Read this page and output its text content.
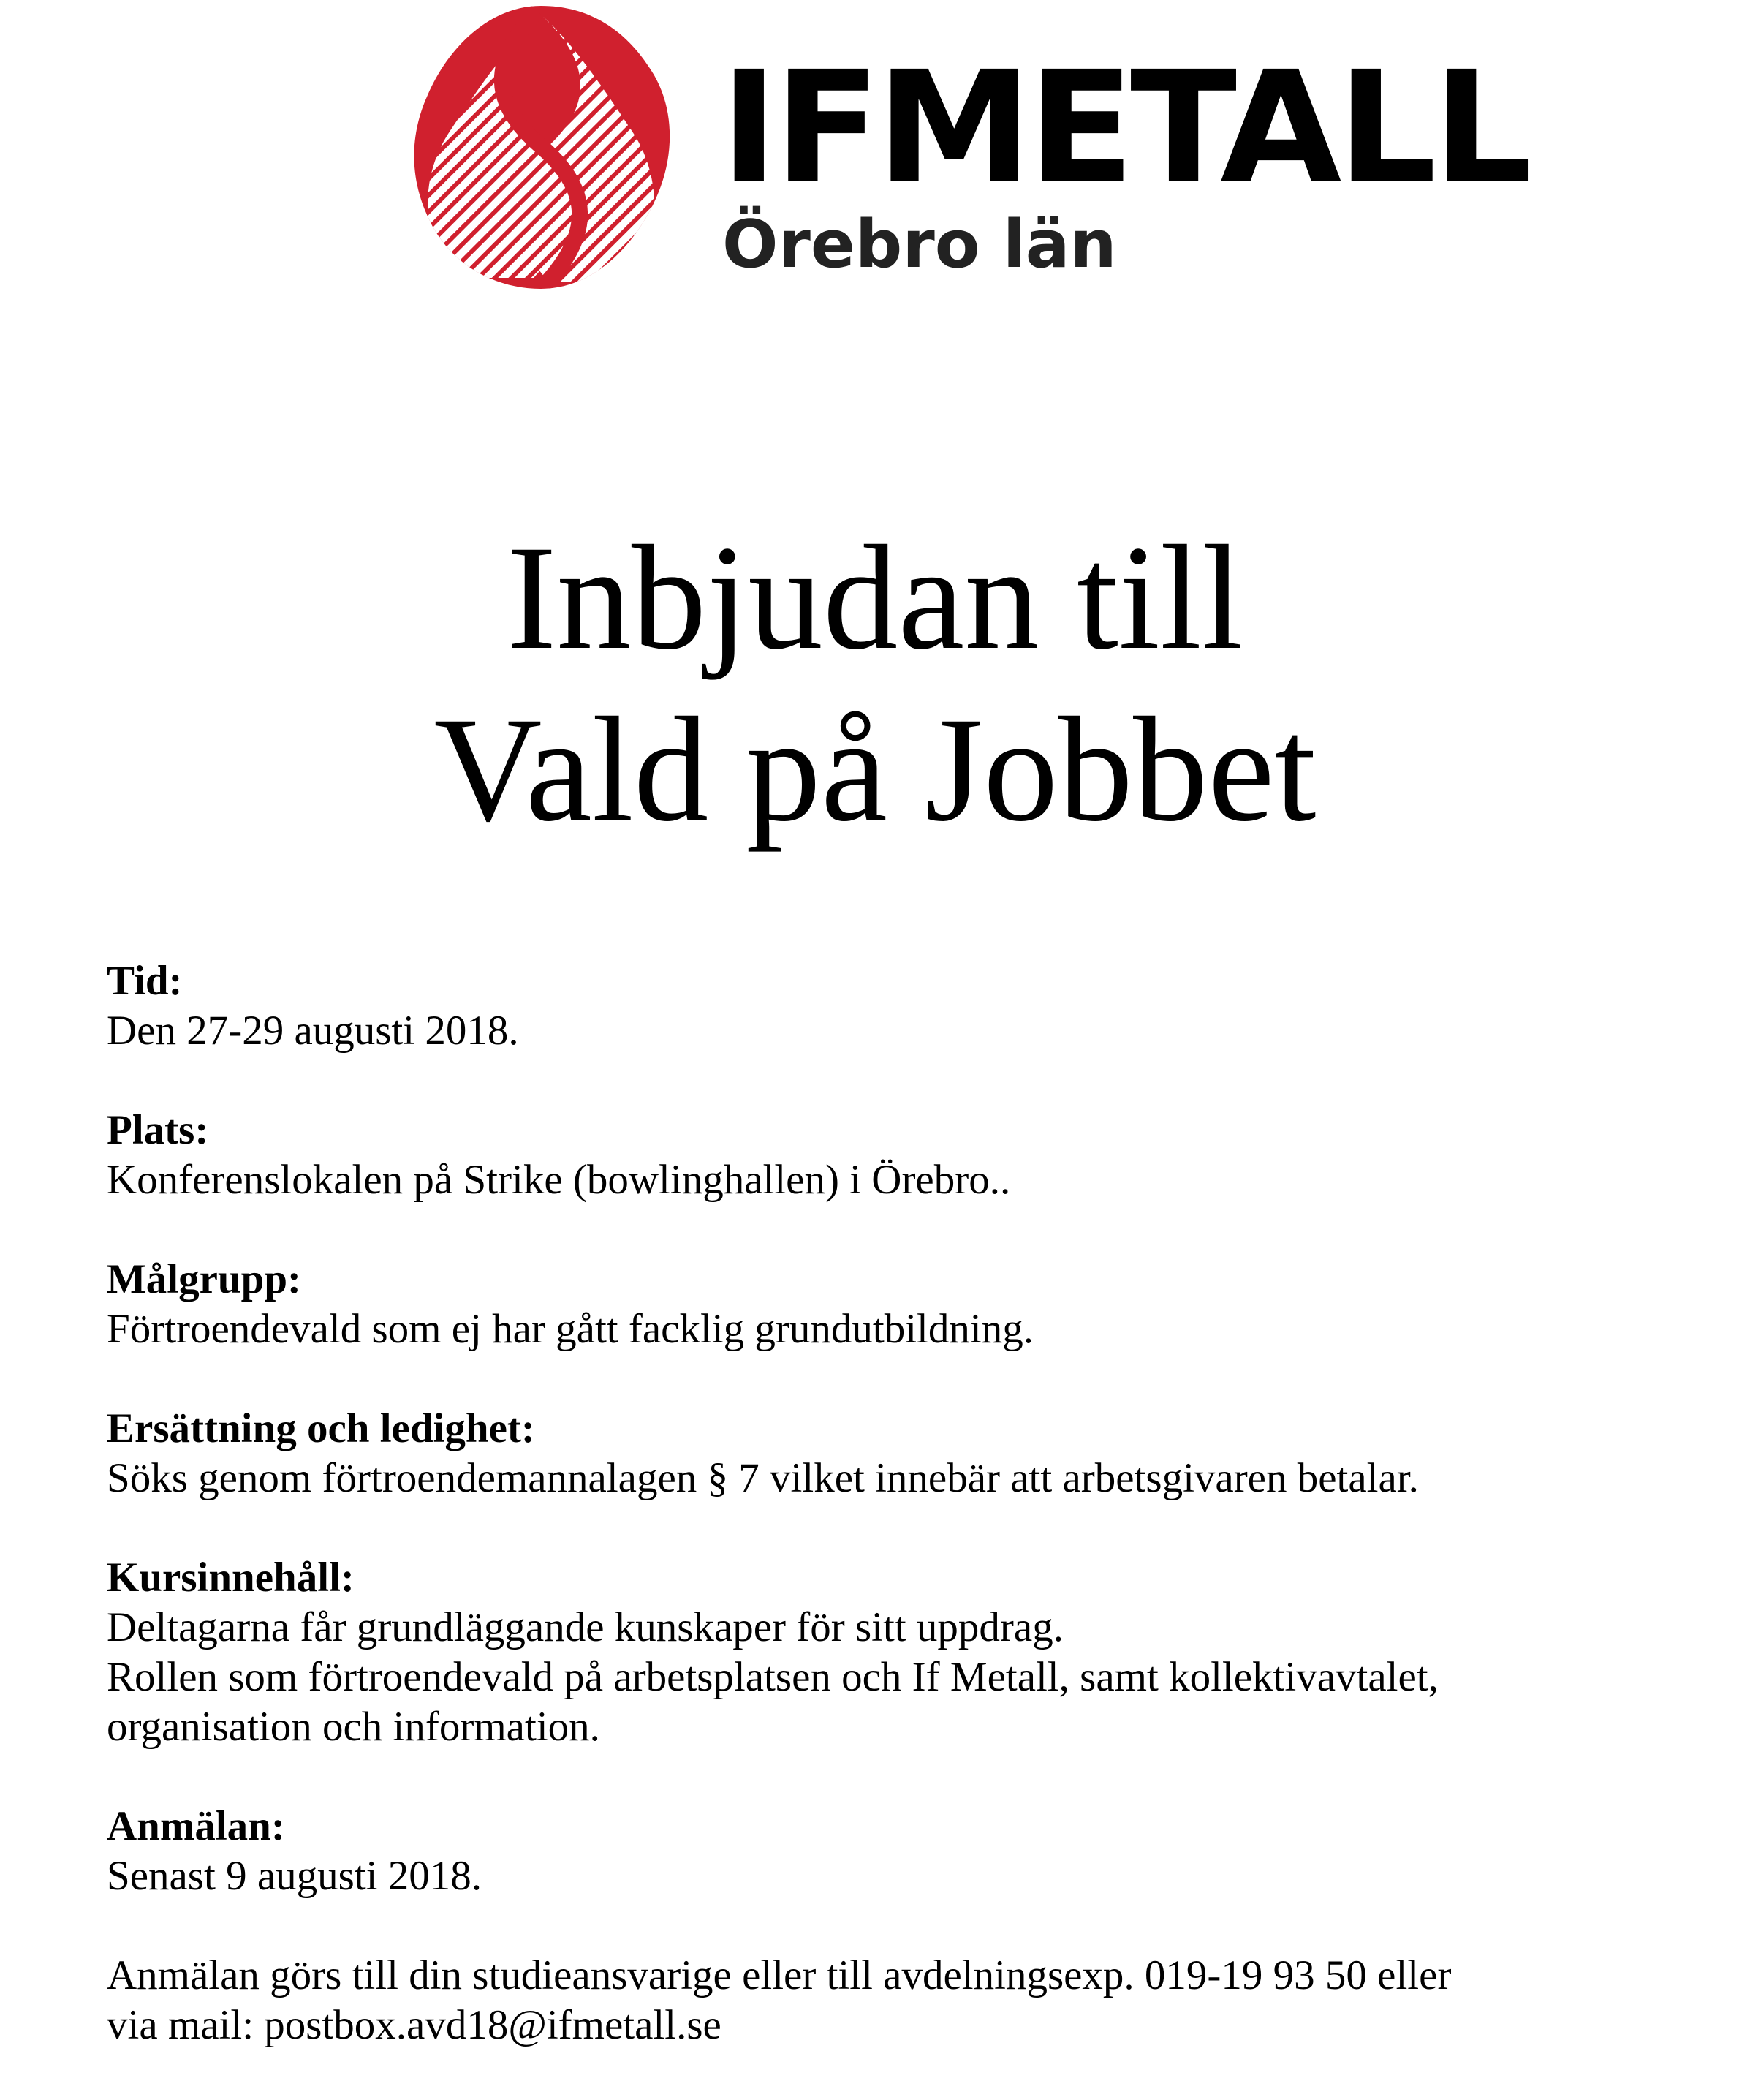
IFMETALL
Örebro län
Inbjudan till
Vald på Jobbet
Tid:
Den 27-29 augusti 2018.
Plats:
Konferenslokalen på Strike (bowlinghallen) i Örebro..
Målgrupp:
Förtroendevald som ej har gått facklig grundutbildning.
Ersättning och ledighet:
Söks genom förtroendemannalagen § 7 vilket innebär att arbetsgivaren betalar.
Kursinnehåll:
Deltagarna får grundläggande kunskaper för sitt uppdrag.
Rollen som förtroendevald på arbetsplatsen och If Metall, samt kollektivavtalet,
organisation och information.
Anmälan:
Senast 9 augusti 2018.
Anmälan görs till din studieansvarige eller till avdelningsexp. 019-19 93 50 eller
via mail: postbox.avd18@ifmetall.se
